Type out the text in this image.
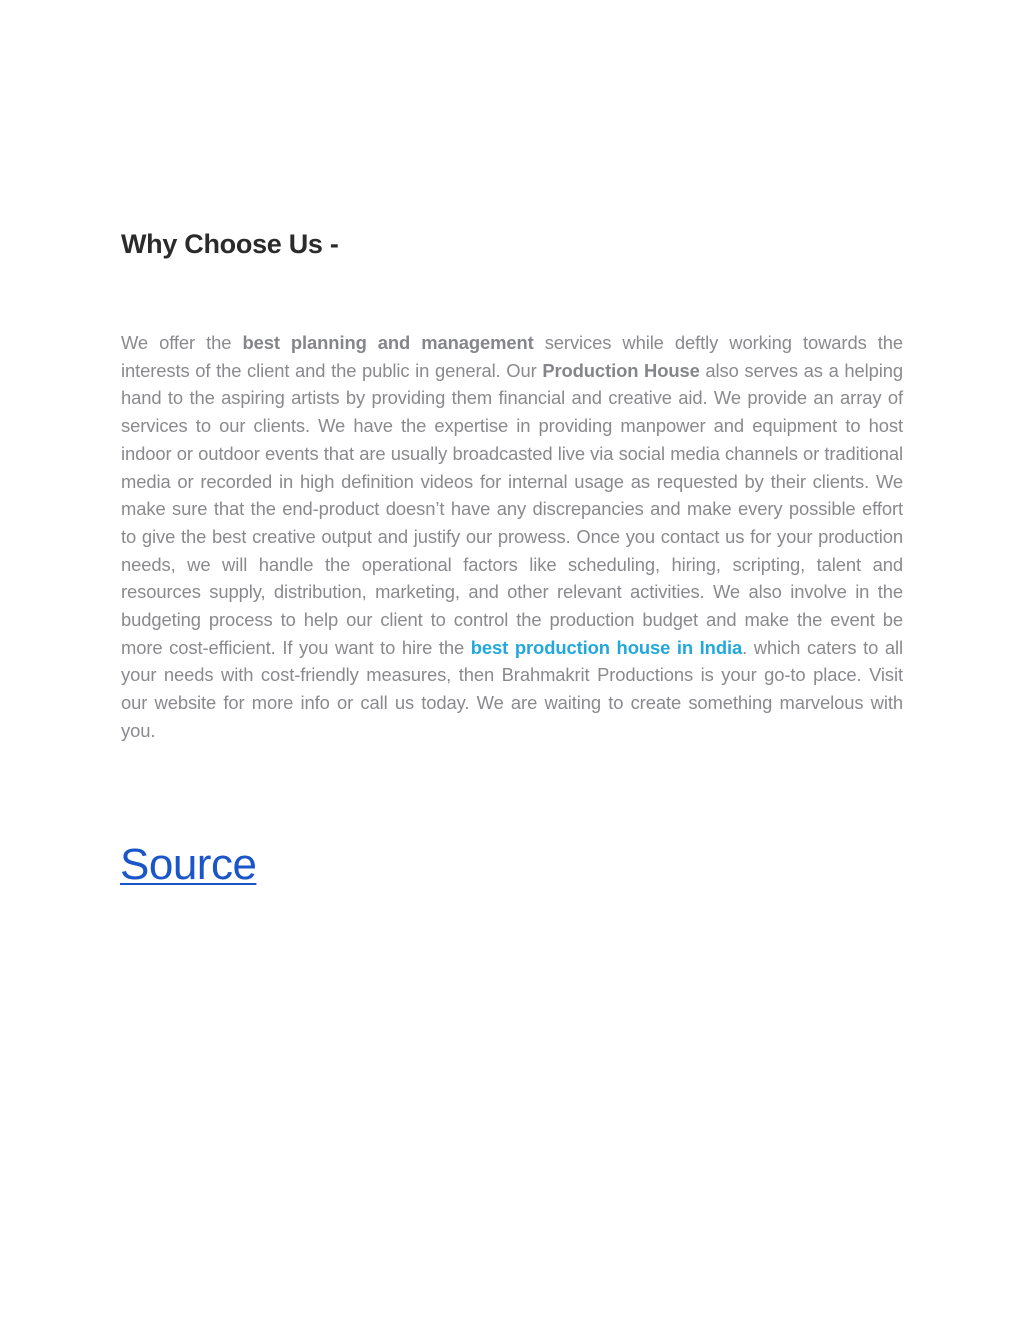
Why Choose Us -

We offer the best planning and management services while deftly working towards the interests of the client and the public in general. Our Production House also serves as a helping hand to the aspiring artists by providing them financial and creative aid. We provide an array of services to our clients. We have the expertise in providing manpower and equipment to host indoor or outdoor events that are usually broadcasted live via social media channels or traditional media or recorded in high definition videos for internal usage as requested by their clients. We make sure that the end-product doesn’t have any discrepancies and make every possible effort to give the best creative output and justify our prowess. Once you contact us for your production needs, we will handle the operational factors like scheduling, hiring, scripting, talent and resources supply, distribution, marketing, and other relevant activities. We also involve in the budgeting process to help our client to control the production budget and make the event be more cost-efficient. If you want to hire the best production house in India. which caters to all your needs with cost-friendly measures, then Brahmakrit Productions is your go-to place. Visit our website for more info or call us today. We are waiting to create something marvelous with you.

Source
